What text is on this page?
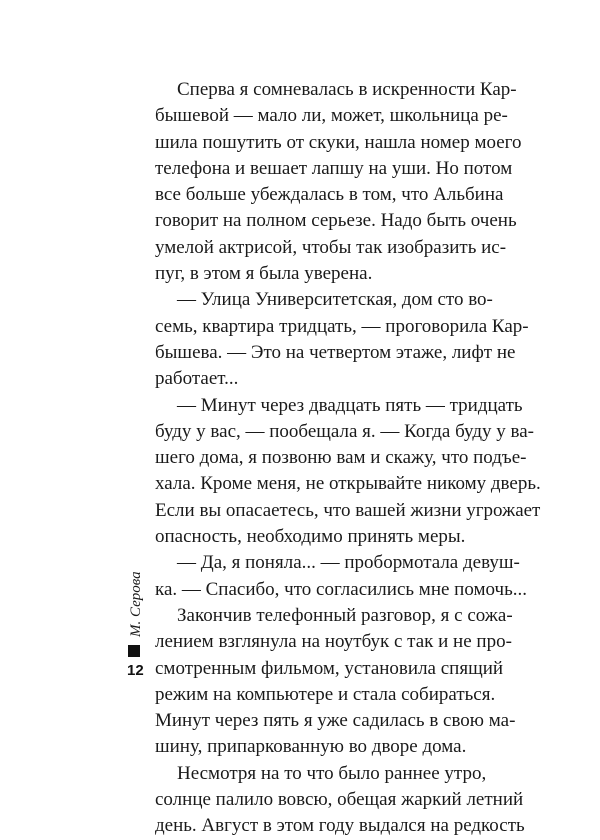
Сперва я сомневалась в искренности Кар-
бышевой — мало ли, может, школьница ре-
шила пошутить от скуки, нашла номер моего
телефона и вешает лапшу на уши. Но потом
все больше убеждалась в том, что Альбина
говорит на полном серьезе. Надо быть очень
умелой актрисой, чтобы так изобразить ис-
пуг, в этом я была уверена.
— Улица Университетская, дом сто во-
семь, квартира тридцать, — проговорила Кар-
бышева. — Это на четвертом этаже, лифт не
работает...
— Минут через двадцать пять — тридцать
буду у вас, — пообещала я. — Когда буду у ва-
шего дома, я позвоню вам и скажу, что подъе-
хала. Кроме меня, не открывайте никому дверь.
Если вы опасаетесь, что вашей жизни угрожает
опасность, необходимо принять меры.
— Да, я поняла... — пробормотала девуш-
ка. — Спасибо, что согласились мне помочь...
Закончив телефонный разговор, я с сожа-
лением взглянула на ноутбук с так и не про-
смотренным фильмом, установила спящий
режим на компьютере и стала собираться.
Минут через пять я уже садилась в свою ма-
шину, припаркованную во дворе дома.
Несмотря на то что было раннее утро,
солнце палило вовсю, обещая жаркий летний
день. Август в этом году выдался на редкость
М. Серова
12
